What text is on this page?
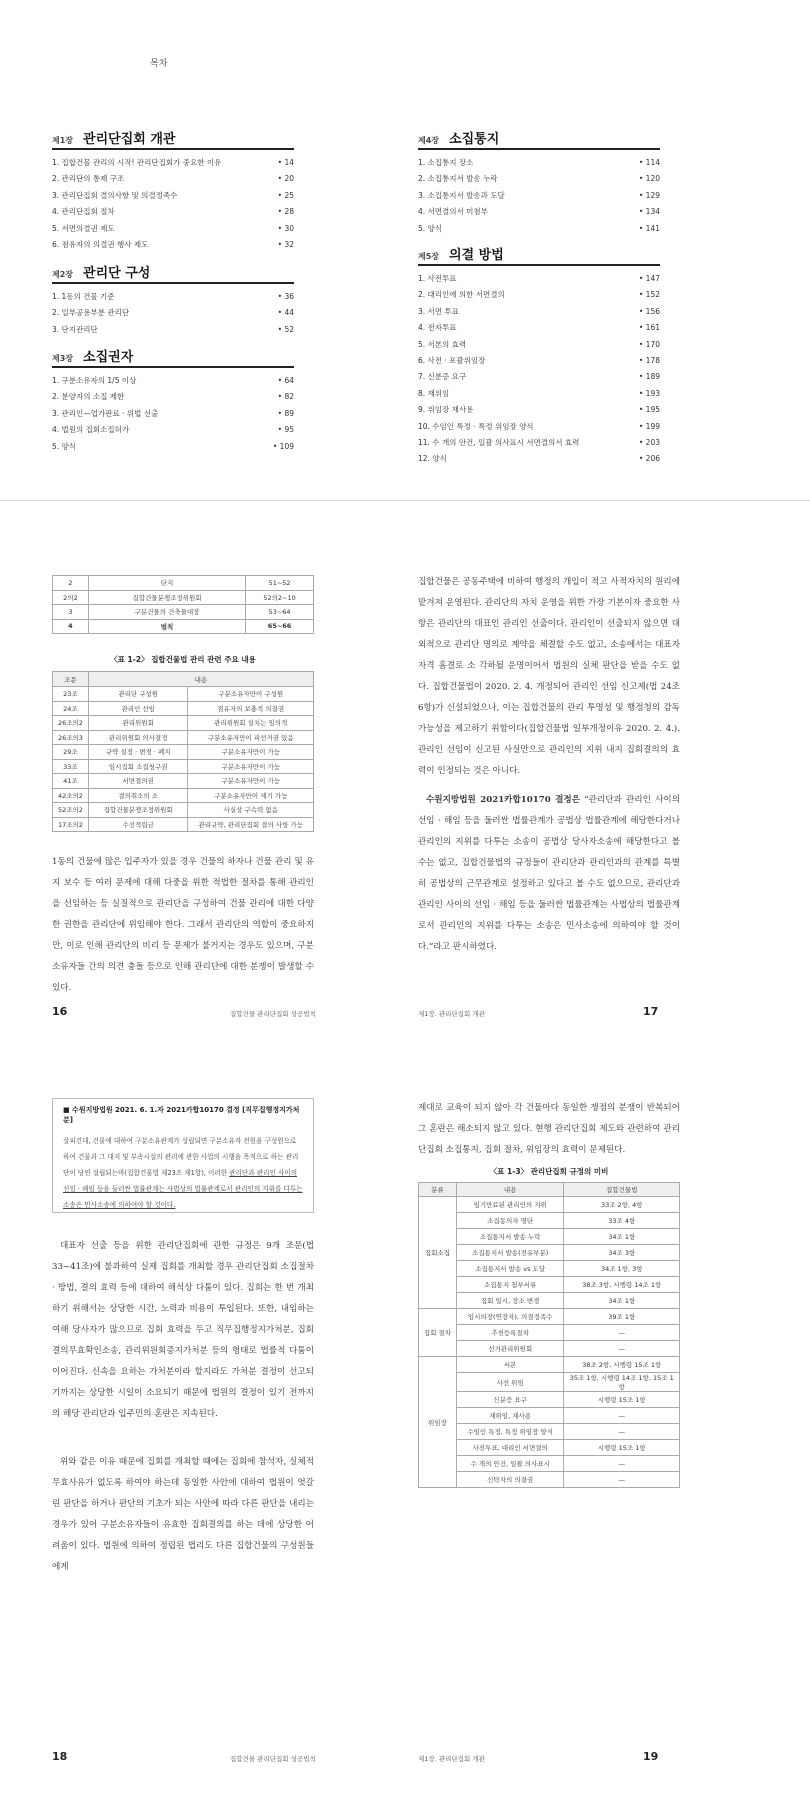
목차
제1장 관리단집회 개관
1. 집합건물 관리의 시작! 관리단집회가 중요한 이유	• 14
2. 관리단의 통제 구조	• 20
3. 관리단집회 결의사항 및 의결정족수	• 25
4. 관리단집회 절차	• 28
5. 서면의결권 제도	• 30
6. 점유자의 의결권 행사 제도	• 32
제2장 관리단 구성
1. 1동의 건물 기준	• 36
2. 일부공용부분 관리단	• 44
3. 단지관리단	• 52
제3장 소집권자
1. 구분소유자의 1/5 이상	• 64
2. 분양자의 소집 제한	• 82
3. 관리인—업가판료 · 위법 선출	• 89
4. 법원의 집회소집허가	• 95
5. 양식	• 109
제4장 소집통지
1. 소집통지 장소	• 114
2. 소집통지서 발송 누락	• 120
3. 소집통지서 발송과 도달	• 129
4. 서면결의서 미첨부	• 134
5. 양식	• 141
제5장 의결 방법
1. 사전투표	• 147
2. 대리인에 의한 서면결의	• 152
3. 서면 투표	• 156
4. 전자투표	• 161
5. 서본의 효력	• 170
6. 사전 · 포괄위임장	• 178
7. 신분증 요구	• 189
8. 재위임	• 193
9. 위임장 재사용	• 195
10. 수임인 특정 · 특정 위임장 양식	• 199
11. 수 개의 안건, 일괄 의사표시 서면결의서 효력	• 203
12. 양식	• 206
2	단지	51~52
2의2	집합건물분쟁조정위원회	52의2~10
3	구분건물의 건축물대장	53~64
4	벌칙	65~66
〈표 1-2〉 집합건물법 관리 관련 주요 내용
조문	내용	
23조	관리단 구성원	구분소유자만이 구성원
24조	관리인 선임	점유자의 보충적 의결권
26조의2	관리위원회	관리위원회 설치는 임의적
26조의3	관리위원회 의사결정	구분소유자만이 피선거권 있음
29조	규약 설정 · 변경 · 폐지	구분소유자만이 가능
33조	임시집회 소집청구권	구분소유자만이 가능
41조	서면결의권	구분소유자만이 가능
42조의2	결의취소의 소	구분소유자만이 제기 가능
52조의2	집합건물분쟁조정위원회	사실상 구속력 없음
17조의2	수선적립금	관리규약, 관리단집회 결의 사항 가능
1동의 건물에 많은 입주자가 있을 경우 건물의 하자나 건물 관리 및 유지 보수 등 여러 문제에 대해 다중을 위한 적법한 절차를 통해 관리인을 선임하는 등 실질적으로 관리단을 구성하여 건물 관리에 대한 다양한 권한을 관리단에 위임해야 한다. 그래서 관리단의 역할이 중요하지만, 이로 인해 관리단의 비리 등 문제가 불거지는 경우도 있으며, 구분소유자들 간의 의견 충돌 등으로 인해 관리단에 대한 분쟁이 발생할 수 있다.
16	집합건물 관리단집회 성공법칙
집합건물은 공동주택에 비하여 행정의 개입이 적고 사적자치의 원리에 맡겨져 운영된다. 관리단의 자치 운영을 위한 가장 기본이자 중요한 사항은 관리단의 대표인 관리인 선출이다. 관리인이 선출되지 않으면 대외적으로 관리단 명의로 계약을 체결할 수도 없고, 소송에서는 대표자 자격 흠결로 소 각하될 운명이어서 법원의 실체 판단을 받을 수도 없다. 집합건물법이 2020. 2. 4. 개정되어 관리인 선임 신고제(법 24조 6항)가 신설되었으나, 이는 집합건물의 관리 투명성 및 행정청의 감독 가능성을 제고하기 위함이다(집합건물법 일부개정이유 2020. 2. 4.). 관리인 선임이 신고된 사실만으로 관리인의 지위 내지 집회결의의 효력이 인정되는 것은 아니다.
수원지방법원 2021카합10170 결정은 “관리단과 관리인 사이의 선임 · 해임 등을 둘러싼 법률관계가 공법상 법률관계에 해당한다거나 관리인의 지위를 다투는 소송이 공법상 당사자소송에 해당한다고 볼 수는 없고, 집합건물법의 규정들이 관리단과 관리인과의 관계를 특별히 공법상의 근무관계로 설정하고 있다고 볼 수도 없으므로, 관리단과 관리인 사이의 선임 · 해임 등을 둘러싼 법률관계는 사법상의 법률관계로서 관리인의 지위를 다투는 소송은 민사소송에 의하여야 할 것이다.”라고 판시하였다.
제1장. 관리단집회 개관	17
■ 수원지방법원 2021. 6. 1.자 2021카합10170 결정 [직무집행정지가처분]
살피건대, 건물에 대하여 구분소유관계가 성립되면 구분소유자 전원을 구성원으로 하여 건물과 그 대지 및 부속시설의 관리에 관한 사업의 시행을 목적으로 하는 관리단이 당연 설립되는바(집합건물법 제23조 제1항), 이러한 관리단과 관리인 사이의 선임 · 해임 등을 둘러싼 법률관계는 사법상의 법률관계로서 관리인의 지위를 다투는 소송은 민사소송에 의하여야 할 것이다.
대표자 선출 등을 위한 관리단집회에 관한 규정은 9개 조문(법 33~41조)에 불과하여 실제 집회를 개최할 경우 관리단집회 소집절차 · 방법, 결의 효력 등에 대하여 해석상 다툼이 있다. 집회는 한 번 개최하기 위해서는 상당한 시간, 노력과 비용이 투입된다. 또한, 내임하는 여해 당사자가 많으므로 집회 효력을 두고 직무집행정지가처분, 집회결의무효확인소송, 관리위원회증지가처분 등의 형태로 법률적 다툼이 이어진다. 신속을 요하는 가처분이라 할지라도 가처분 결정이 선고되기까지는 상당한 시일이 소요되기 때문에 법원의 결정이 있기 전까지의 해당 관리단과 입주민의 혼란은 지속된다.
위와 같은 이유 때문에 집회를 개최할 때에는 집회에 참석자, 실체적 무효사유가 없도록 하여야 하는데 동일한 사안에 대하여 법원이 엇갈린 판단을 하거나 판단의 기초가 되는 사안에 따라 다른 판단을 내리는 경우가 있어 구분소유자들이 유효한 집회결의를 하는 데에 상당한 어려움이 있다. 법원에 의하여 정립된 법리도 다른 집합건물의 구성원들에게
18	집합건물 관리단집회 성공법칙
제대로 교육이 되지 않아 각 건물마다 동일한 쟁점의 분쟁이 반복되어 그 혼란은 해소되지 않고 있다. 현행 관리단집회 제도와 관련하여 관리단집회 소집통지, 집회 절차, 위임장의 효력이 문제된다.
〈표 1-3〉 관리단집회 규정의 미비
분류	내용	집합건물법
집회소집	임기만료된 관리인의 지위	33조 2항, 4항
	소집동의자 명단	33조 4항
	소집통지서 발송 누락	34조 1항
	소집통지서 발송(전유부분)	34조 3항
	소집통지서 발송 vs 도달	34조 1항, 3항
	소집통지 첨부서류	38조 3항, 시행령 14조 1항
	집회 일시, 장소 변경	34조 1항
집회 절차	임시의장(연장자), 의결정족수	39조 1항
	추천등록절차	—
	선거관리위원회	—
위임장	서본	38조 2항, 시행령 15조 1항
	사전 위임	35조 1항, 시행령 14조 1항, 15조 1항
	신분증 요구	시행령 15조 1항
	재위임, 재사용	—
	수임인 특정, 특정 위임장 양식	—
	사전투표, 대리인 서면결의	시행령 15조 1항
	수 개의 안건, 일괄 의사표시	—
	신탁자의 의결권	—
제1장. 관리단집회 개관	19
